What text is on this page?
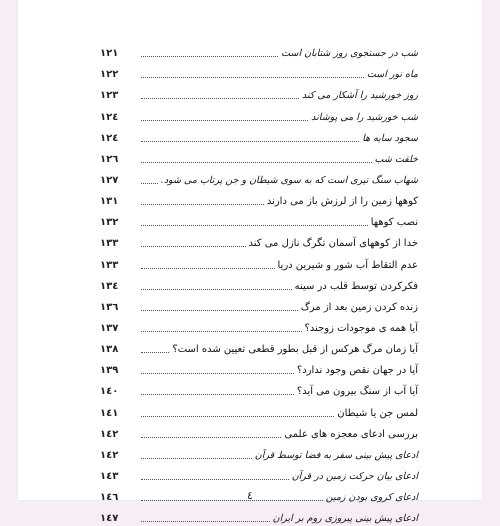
۱۲۱	شب در جستجوی روز شتابان است
۱۲۲	ماه نور است
۱۲۳	روز خورشید را آشکار می کند
۱۲٤	شب خورشید را می پوشاند
۱۲٤	سجود سایه ها
۱۲٦	خلقت شب
۱۲۷	شهاب سنگ تیری است که به سوی شیطان و جن پرتاب می شود.
۱۳۱	کوهها زمین را از لرزش باز می دارند
۱۳۲	نصب کوهها
۱۳۳	خدا از کوههای آسمان تگرگ نازل می کند
۱۳۳	عدم التقاط آب شور و شیرین دریا
۱۳٤	فکرکردن توسط قلب در سینه
۱۳٦	زنده کردن زمین بعد از مرگ
۱۳۷	آیا همه ی موجودات زوجند؟
۱۳۸	آیا زمان مرگ هرکس از قبل بطور قطعی تعیین شده است؟
۱۳۹	آیا در جهان نقص وجود ندارد؟
۱٤۰	آیا آب از سنگ بیرون می آید؟
۱٤۱	لمس جن یا شیطان
۱٤۲	بررسی ادعای معجزه های علمی
۱٤۲	ادعای پیش بینی سفر به فضا توسط قرآن
۱٤۳	ادعای بیان حرکت زمین در قرآن
۱٤٦	ادعای کروی بودن زمین
۱٤۷	ادعای پیش بینی پیروزی روم بر ایران
٤
